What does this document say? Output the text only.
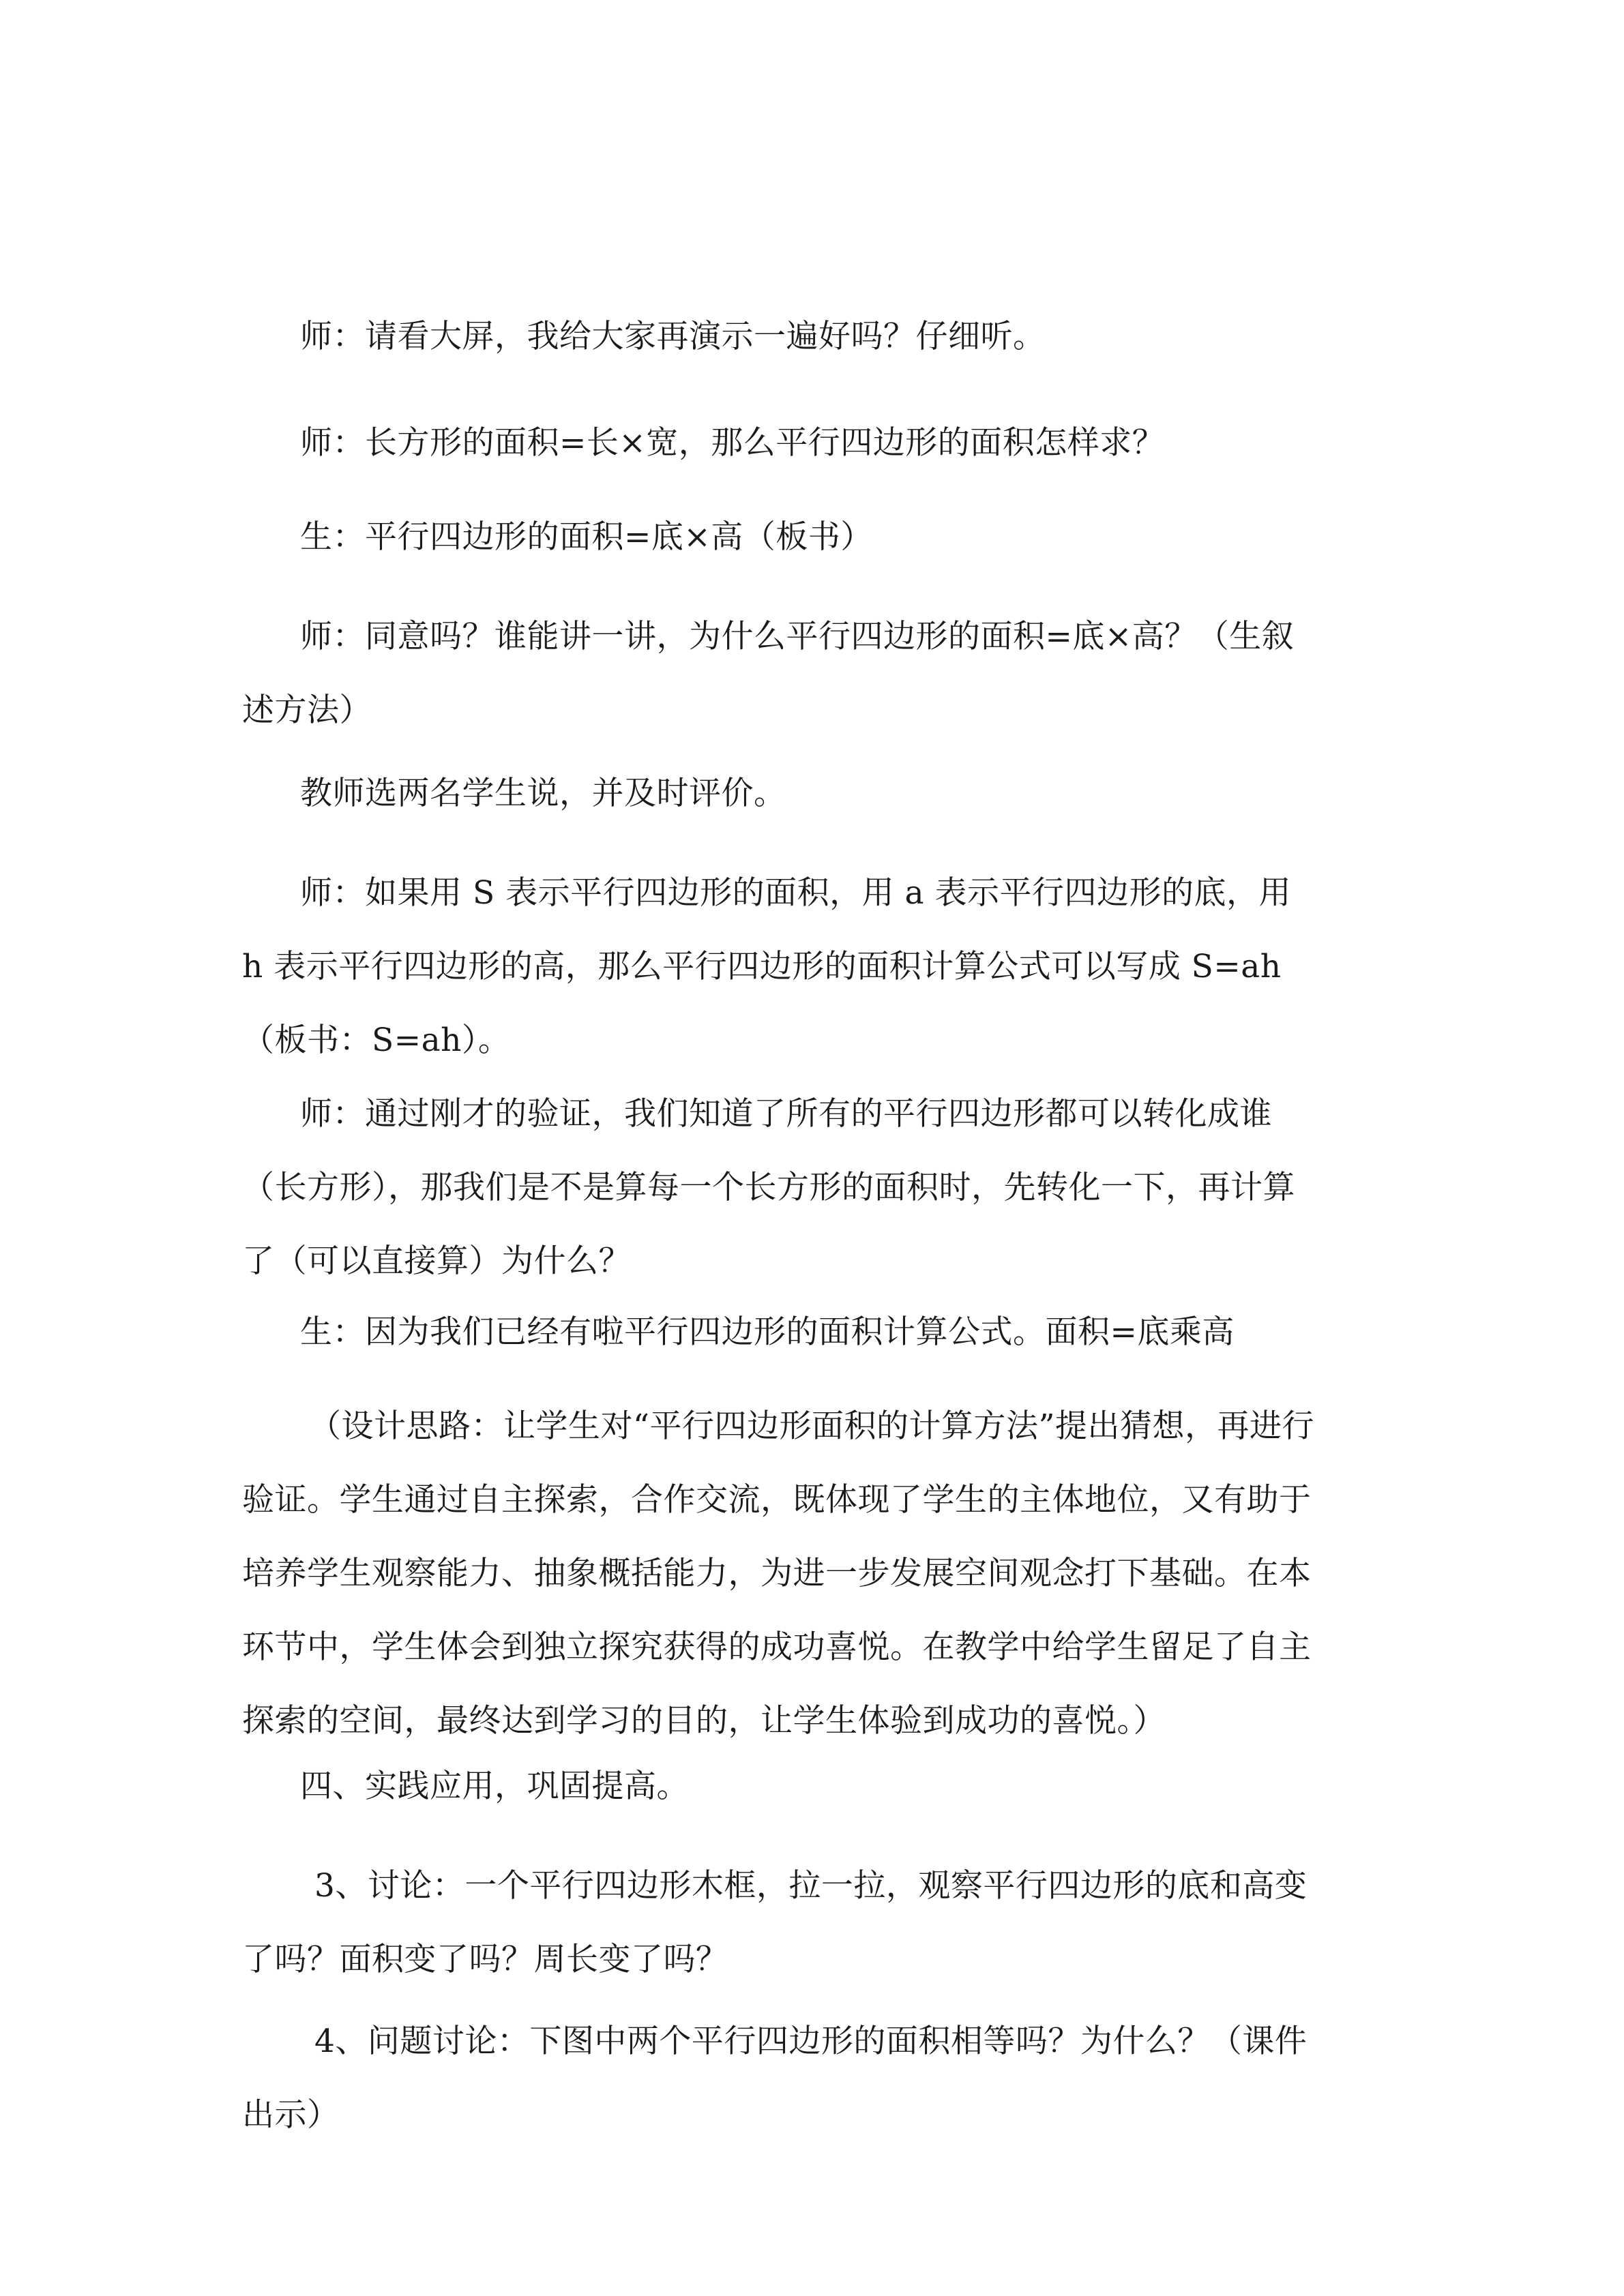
师：请看大屏，我给大家再演示一遍好吗？仔细听。

师：长方形的面积=长×宽，那么平行四边形的面积怎样求？

生：平行四边形的面积=底×高（板书）

师：同意吗？谁能讲一讲，为什么平行四边形的面积=底×高？（生叙述方法）

教师选两名学生说，并及时评价。

师：如果用 S 表示平行四边形的面积，用 a 表示平行四边形的底，用 h 表示平行四边形的高，那么平行四边形的面积计算公式可以写成 S=ah（板书：S=ah）。

师：通过刚才的验证，我们知道了所有的平行四边形都可以转化成谁（长方形），那我们是不是算每一个长方形的面积时，先转化一下，再计算了（可以直接算）为什么？

生：因为我们已经有啦平行四边形的面积计算公式。面积=底乘高

（设计思路：让学生对“平行四边形面积的计算方法”提出猜想，再进行验证。学生通过自主探索，合作交流，既体现了学生的主体地位，又有助于培养学生观察能力、抽象概括能力，为进一步发展空间观念打下基础。在本环节中，学生体会到独立探究获得的成功喜悦。在教学中给学生留足了自主探索的空间，最终达到学习的目的，让学生体验到成功的喜悦。）

四、实践应用，巩固提高。

3、讨论：一个平行四边形木框，拉一拉，观察平行四边形的底和高变了吗？面积变了吗？周长变了吗？

4、问题讨论：下图中两个平行四边形的面积相等吗？为什么？（课件出示）
